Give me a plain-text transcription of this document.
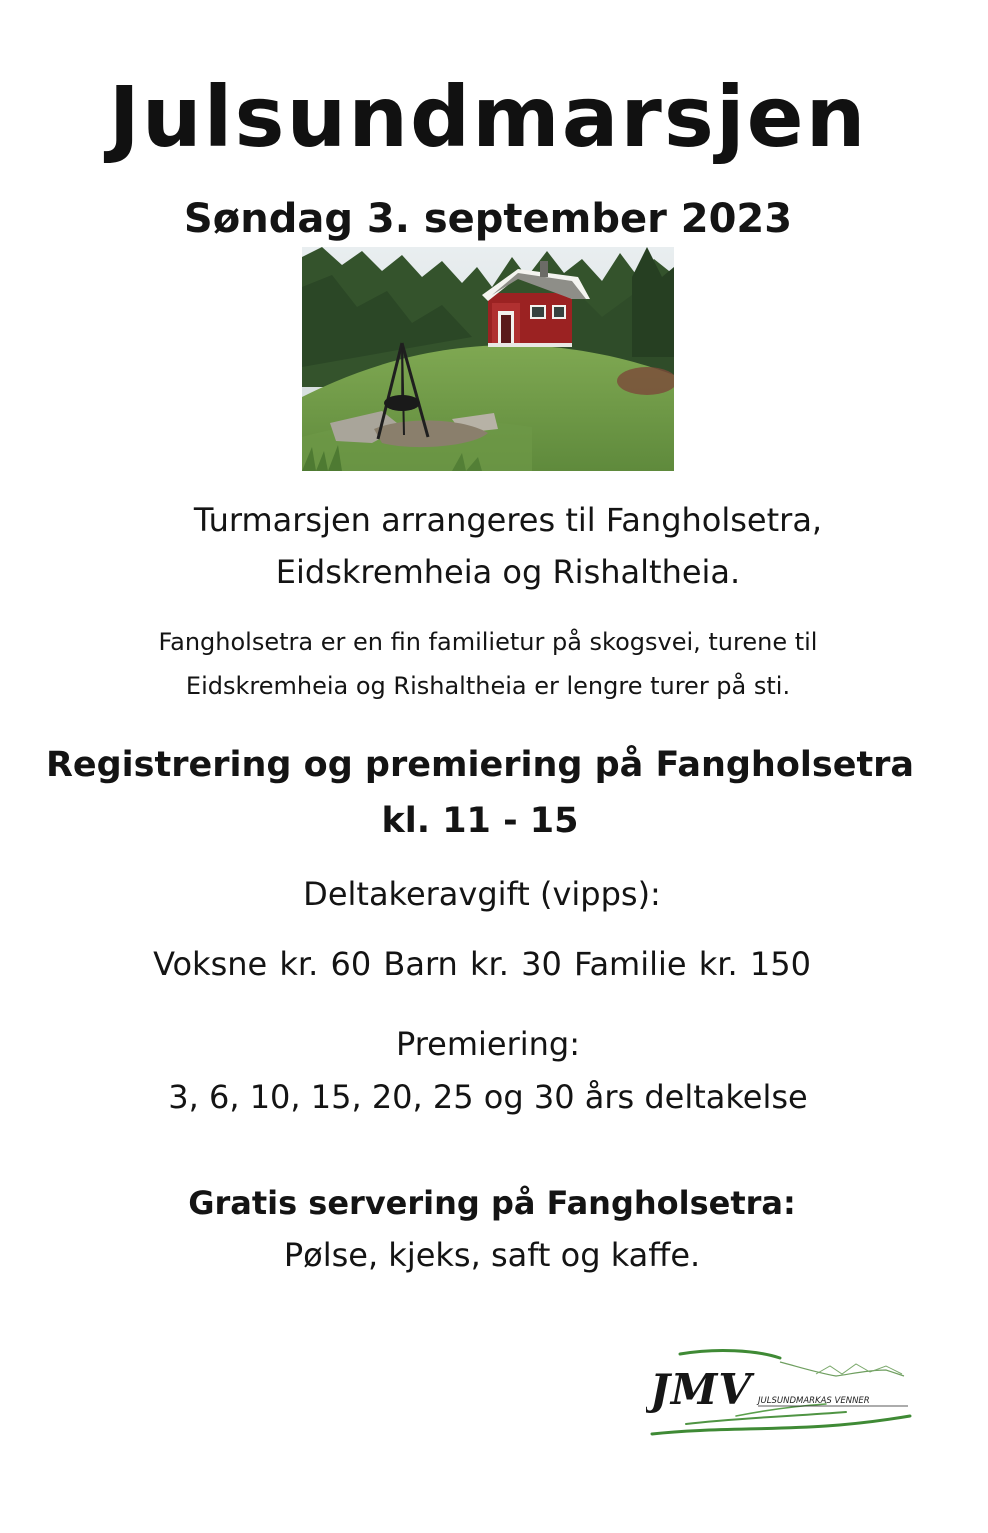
Julsundmarsjen
Søndag 3. september 2023
Turmarsjen arrangeres til Fangholsetra,
Eidskremheia og Rishaltheia.
Fangholsetra er en fin familietur på skogsvei, turene til
Eidskremheia og Rishaltheia er lengre turer på sti.
Registrering og premiering på Fangholsetra
kl. 11 - 15
Deltakeravgift (vipps):
Voksne kr. 60 Barn kr. 30 Familie kr. 150
Premiering:
3, 6, 10, 15, 20, 25 og 30 års deltakelse
Gratis servering på Fangholsetra:
Pølse, kjeks, saft og kaffe.
JMV JULSUNDMARKAS VENNER
